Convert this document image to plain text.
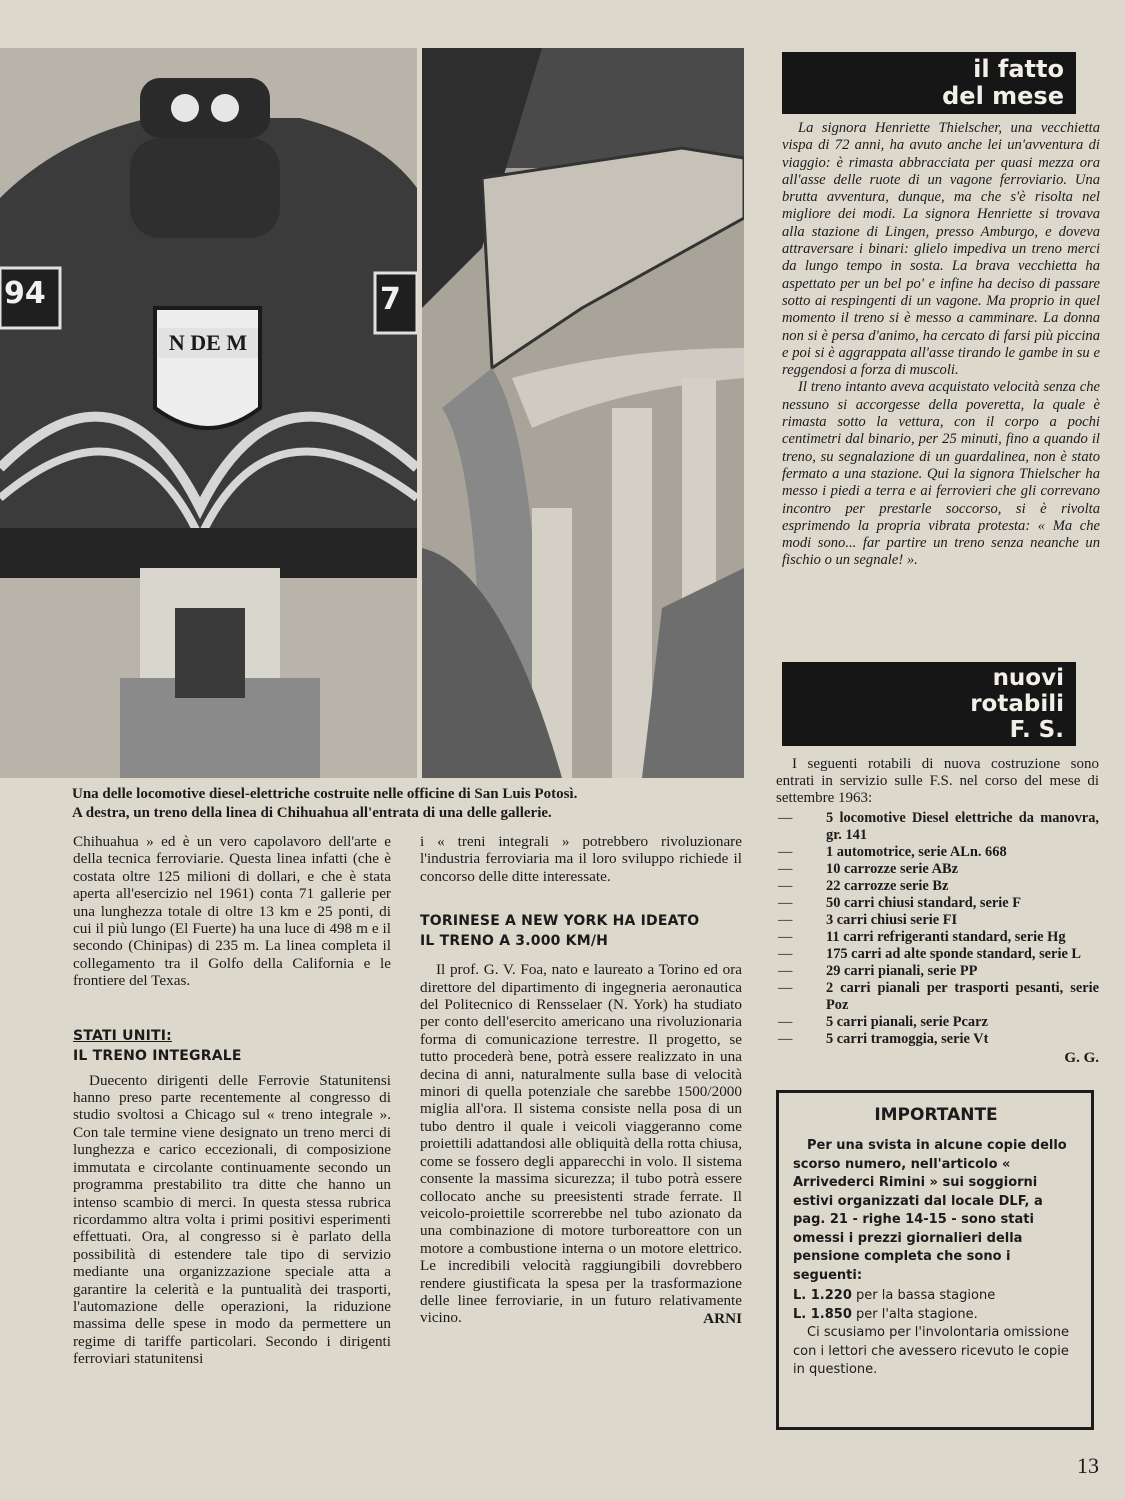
94	7
N DE M
Una delle locomotive diesel-elettriche costruite nelle officine di San Luis Potosì.
A destra, un treno della linea di Chihuahua all'entrata di una delle gallerie.

Chihuahua » ed è un vero capolavoro dell'arte e della tecnica ferroviarie. Questa linea infatti (che è costata oltre 125 milioni di dollari, e che è stata aperta all'esercizio nel 1961) conta 71 gallerie per una lunghezza totale di oltre 13 km e 25 ponti, di cui il più lungo (El Fuerte) ha una luce di 498 m e il secondo (Chinipas) di 235 m. La linea completa il collegamento tra il Golfo della California e le frontiere del Texas.

STATI UNITI:
IL TRENO INTEGRALE

Duecento dirigenti delle Ferrovie Statunitensi hanno preso parte recentemente al congresso di studio svoltosi a Chicago sul « treno integrale ». Con tale termine viene designato un treno merci di lunghezza e carico eccezionali, di composizione immutata e circolante continuamente secondo un programma prestabilito tra ditte che hanno un intenso scambio di merci. In questa stessa rubrica ricordammo altra volta i primi positivi esperimenti effettuati. Ora, al congresso si è parlato della possibilità di estendere tale tipo di servizio mediante una organizzazione speciale atta a garantire la celerità e la puntualità dei trasporti, l'automazione delle operazioni, la riduzione massima delle spese in modo da permettere un regime di tariffe particolari. Secondo i dirigenti ferroviari statunitensi

i « treni integrali » potrebbero rivoluzionare l'industria ferroviaria ma il loro sviluppo richiede il concorso delle ditte interessate.

TORINESE A NEW YORK HA IDEATO
IL TRENO A 3.000 KM/H

Il prof. G. V. Foa, nato e laureato a Torino ed ora direttore del dipartimento di ingegneria aeronautica del Politecnico di Rensselaer (N. York) ha studiato per conto dell'esercito americano una rivoluzionaria forma di comunicazione terrestre. Il progetto, se tutto procederà bene, potrà essere realizzato in una decina di anni, naturalmente sulla base di velocità minori di quella potenziale che sarebbe 1500/2000 miglia all'ora. Il sistema consiste nella posa di un tubo dentro il quale i veicoli viaggeranno come proiettili adattandosi alle obliquità della rotta chiusa, come se fossero degli apparecchi in volo. Il sistema consente la massima sicurezza; il tubo potrà essere collocato anche su preesistenti strade ferrate. Il veicolo-proiettile scorrerebbe nel tubo azionato da una combinazione di motore turboreattore con un motore a combustione interna o un motore elettrico. Le incredibili velocità raggiungibili dovrebbero rendere giustificata la spesa per la trasformazione delle linee ferroviarie, in un futuro relativamente vicino.	ARNI
il fatto
del mese

La signora Henriette Thielscher, una vecchietta vispa di 72 anni, ha avuto anche lei un'avventura di viaggio: è rimasta abbracciata per quasi mezza ora all'asse delle ruote di un vagone ferroviario. Una brutta avventura, dunque, ma che s'è risolta nel migliore dei modi. La signora Henriette si trovava alla stazione di Lingen, presso Amburgo, e doveva attraversare i binari: glielo impediva un treno merci da lungo tempo in sosta. La brava vecchietta ha aspettato per un bel po' e infine ha deciso di passare sotto ai respingenti di un vagone. Ma proprio in quel momento il treno si è messo a camminare. La donna non si è persa d'animo, ha cercato di farsi più piccina e poi si è aggrappata all'asse tirando le gambe in su e reggendosi a forza di muscoli.

Il treno intanto aveva acquistato velocità senza che nessuno si accorgesse della poveretta, la quale è rimasta sotto la vettura, con il corpo a pochi centimetri dal binario, per 25 minuti, fino a quando il treno, su segnalazione di un guardalinea, non è stato fermato a una stazione. Qui la signora Thielscher ha messo i piedi a terra e ai ferrovieri che gli correvano incontro per prestarle soccorso, si è rivolta esprimendo la propria vibrata protesta: « Ma che modi sono... far partire un treno senza neanche un fischio o un segnale! ».

nuovi
rotabili
F. S.

I seguenti rotabili di nuova costruzione sono entrati in servizio sulle F.S. nel corso del mese di settembre 1963:

— 5 locomotive Diesel elettriche da manovra, gr. 141
— 1 automotrice, serie ALn. 668
— 10 carrozze serie ABz
— 22 carrozze serie Bz
— 50 carri chiusi standard, serie F
— 3 carri chiusi serie FI
— 11 carri refrigeranti standard, serie Hg
— 175 carri ad alte sponde standard, serie L
— 29 carri pianali, serie PP
— 2 carri pianali per trasporti pesanti, serie Poz
— 5 carri pianali, serie Pcarz
— 5 carri tramoggia, serie Vt
G. G.
IMPORTANTE

Per una svista in alcune copie dello scorso numero, nell'articolo « Arrivederci Rimini » sui soggiorni estivi organizzati dal locale DLF, a pag. 21 - righe 14-15 - sono stati omessi i prezzi giornalieri della pensione completa che sono i seguenti:

L. 1.220 per la bassa stagione
L. 1.850 per l'alta stagione.

Ci scusiamo per l'involontaria omissione con i lettori che avessero ricevuto le copie in questione.

13
